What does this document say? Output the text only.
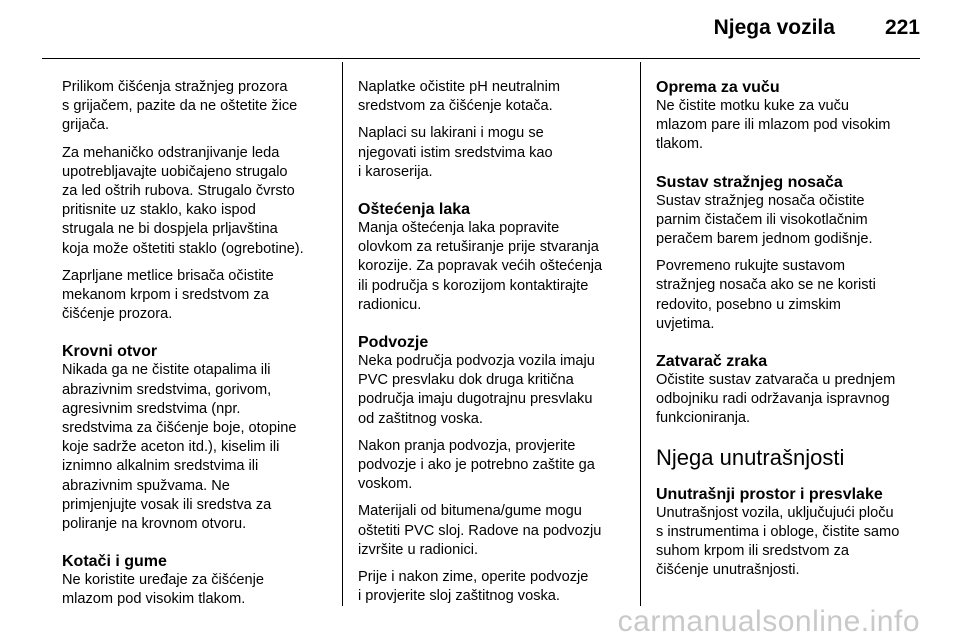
Njega vozila 221

Prilikom čišćenja stražnjeg prozora
s grijačem, pazite da ne oštetite žice
grijača.

Za mehaničko odstranjivanje leda
upotrebljavajte uobičajeno strugalo
za led oštrih rubova. Strugalo čvrsto
pritisnite uz staklo, kako ispod
strugala ne bi dospjela prljavština
koja može oštetiti staklo (ogrebotine).

Zaprljane metlice brisača očistite
mekanom krpom i sredstvom za
čišćenje prozora.

Krovni otvor

Nikada ga ne čistite otapalima ili
abrazivnim sredstvima, gorivom,
agresivnim sredstvima (npr.
sredstvima za čišćenje boje, otopine
koje sadrže aceton itd.), kiselim ili
iznimno alkalnim sredstvima ili
abrazivnim spužvama. Ne
primjenjujte vosak ili sredstva za
poliranje na krovnom otvoru.

Kotači i gume

Ne koristite uređaje za čišćenje
mlazom pod visokim tlakom.

Naplatke očistite pH neutralnim
sredstvom za čišćenje kotača.

Naplaci su lakirani i mogu se
njegovati istim sredstvima kao
i karoserija.

Oštećenja laka

Manja oštećenja laka popravite
olovkom za retuširanje prije stvaranja
korozije. Za popravak većih oštećenja
ili područja s korozijom kontaktirajte
radionicu.

Podvozje

Neka područja podvozja vozila imaju
PVC presvlaku dok druga kritična
područja imaju dugotrajnu presvlaku
od zaštitnog voska.

Nakon pranja podvozja, provjerite
podvozje i ako je potrebno zaštite ga
voskom.

Materijali od bitumena/gume mogu
oštetiti PVC sloj. Radove na podvozju
izvršite u radionici.

Prije i nakon zime, operite podvozje
i provjerite sloj zaštitnog voska.

Oprema za vuču

Ne čistite motku kuke za vuču
mlazom pare ili mlazom pod visokim
tlakom.

Sustav stražnjeg nosača

Sustav stražnjeg nosača očistite
parnim čistačem ili visokotlačnim
peračem barem jednom godišnje.

Povremeno rukujte sustavom
stražnjeg nosača ako se ne koristi
redovito, posebno u zimskim
uvjetima.

Zatvarač zraka

Očistite sustav zatvarača u prednjem
odbojniku radi održavanja ispravnog
funkcioniranja.

Njega unutrašnjosti
Unutrašnji prostor i presvlake

Unutrašnjost vozila, uključujući ploču
s instrumentima i obloge, čistite samo
suhom krpom ili sredstvom za
čišćenje unutrašnjosti.

carmanualsonline.info
